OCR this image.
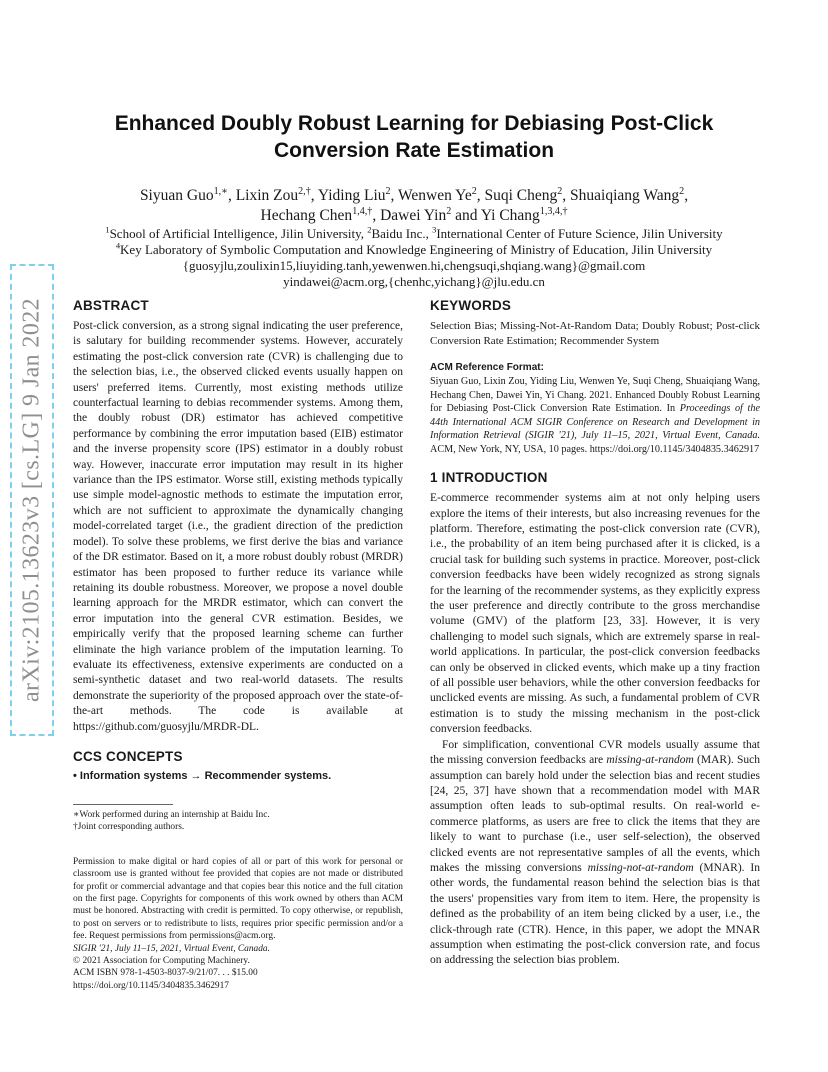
arXiv:2105.13623v3 [cs.LG] 9 Jan 2022
Enhanced Doubly Robust Learning for Debiasing Post-Click Conversion Rate Estimation
Siyuan Guo$^{1,∗}$, Lixin Zou$^{2,\dagger}$, Yiding Liu$^2$, Wenwen Ye$^2$, Suqi Cheng$^2$, Shuaiqiang Wang$^2$,
Hechang Chen$^{1,4,\dagger}$, Dawei Yin$^2$ and Yi Chang$^{1,3,4,\dagger}$
$^1$School of Artificial Intelligence, Jilin University, $^2$Baidu Inc., $^3$International Center of Future Science, Jilin University
$^4$Key Laboratory of Symbolic Computation and Knowledge Engineering of Ministry of Education, Jilin University
{guosyjlu,zoulixin15,liuyiding.tanh,yewenwen.hi,chengsuqi,shqiang.wang}@gmail.com
yindawei@acm.org,{chenhc,yichang}@jlu.edu.cn
ABSTRACT

Post-click conversion, as a strong signal indicating the user preference, is salutary for building recommender systems. However, accurately estimating the post-click conversion rate (CVR) is challenging due to the selection bias, i.e., the observed clicked events usually happen on users' preferred items. Currently, most existing methods utilize counterfactual learning to debias recommender systems. Among them, the doubly robust (DR) estimator has achieved competitive performance by combining the error imputation based (EIB) estimator and the inverse propensity score (IPS) estimator in a doubly robust way. However, inaccurate error imputation may result in its higher variance than the IPS estimator. Worse still, existing methods typically use simple model-agnostic methods to estimate the imputation error, which are not sufficient to approximate the dynamically changing model-correlated target (i.e., the gradient direction of the prediction model). To solve these problems, we first derive the bias and variance of the DR estimator. Based on it, a more robust doubly robust (MRDR) estimator has been proposed to further reduce its variance while retaining its double robustness. Moreover, we propose a novel double learning approach for the MRDR estimator, which can convert the error imputation into the general CVR estimation. Besides, we empirically verify that the proposed learning scheme can further eliminate the high variance problem of the imputation learning. To evaluate its effectiveness, extensive experiments are conducted on a semi-synthetic dataset and two real-world datasets. The results demonstrate the superiority of the proposed approach over the state-of-the-art methods. The code is available at https://github.com/guosyjlu/MRDR-DL.

CCS CONCEPTS

• Information systems → Recommender systems.

∗Work performed during an internship at Baidu Inc.

†Joint corresponding authors.

Permission to make digital or hard copies of all or part of this work for personal or classroom use is granted without fee provided that copies are not made or distributed for profit or commercial advantage and that copies bear this notice and the full citation on the first page. Copyrights for components of this work owned by others than ACM must be honored. Abstracting with credit is permitted. To copy otherwise, or republish, to post on servers or to redistribute to lists, requires prior specific permission and/or a fee. Request permissions from permissions@acm.org.

SIGIR '21, July 11–15, 2021, Virtual Event, Canada.

© 2021 Association for Computing Machinery.

ACM ISBN 978-1-4503-8037-9/21/07. . . $15.00

https://doi.org/10.1145/3404835.3462917

KEYWORDS

Selection Bias; Missing-Not-At-Random Data; Doubly Robust; Post-click Conversion Rate Estimation; Recommender System

ACM Reference Format:

Siyuan Guo, Lixin Zou, Yiding Liu, Wenwen Ye, Suqi Cheng, Shuaiqiang Wang, Hechang Chen, Dawei Yin, Yi Chang. 2021. Enhanced Doubly Robust Learning for Debiasing Post-Click Conversion Rate Estimation. In Proceedings of the 44th International ACM SIGIR Conference on Research and Development in Information Retrieval (SIGIR '21), July 11–15, 2021, Virtual Event, Canada. ACM, New York, NY, USA, 10 pages. https://doi.org/10.1145/3404835.3462917

1 INTRODUCTION

E-commerce recommender systems aim at not only helping users explore the items of their interests, but also increasing revenues for the platform. Therefore, estimating the post-click conversion rate (CVR), i.e., the probability of an item being purchased after it is clicked, is a crucial task for building such systems in practice. Moreover, post-click conversion feedbacks have been widely recognized as strong signals for the learning of the recommender systems, as they explicitly express the user preference and directly contribute to the gross merchandise volume (GMV) of the platform [23, 33]. However, it is very challenging to model such signals, which are extremely sparse in real-world applications. In particular, the post-click conversion feedbacks can only be observed in clicked events, which make up a tiny fraction of all possible user behaviors, while the other conversion feedbacks for unclicked events are missing. As such, a fundamental problem of CVR estimation is to study the missing mechanism in the post-click conversion feedbacks.

For simplification, conventional CVR models usually assume that the missing conversion feedbacks are missing-at-random (MAR). Such assumption can barely hold under the selection bias and recent studies [24, 25, 37] have shown that a recommendation model with MAR assumption often leads to sub-optimal results. On real-world e-commerce platforms, as users are free to click the items that they are likely to want to purchase (i.e., user self-selection), the observed clicked events are not representative samples of all the events, which makes the missing conversions missing-not-at-random (MNAR). In other words, the fundamental reason behind the selection bias is that the users' propensities vary from item to item. Here, the propensity is defined as the probability of an item being clicked by a user, i.e., the click-through rate (CTR). Hence, in this paper, we adopt the MNAR assumption when estimating the post-click conversion rate, and focus on addressing the selection bias problem.
